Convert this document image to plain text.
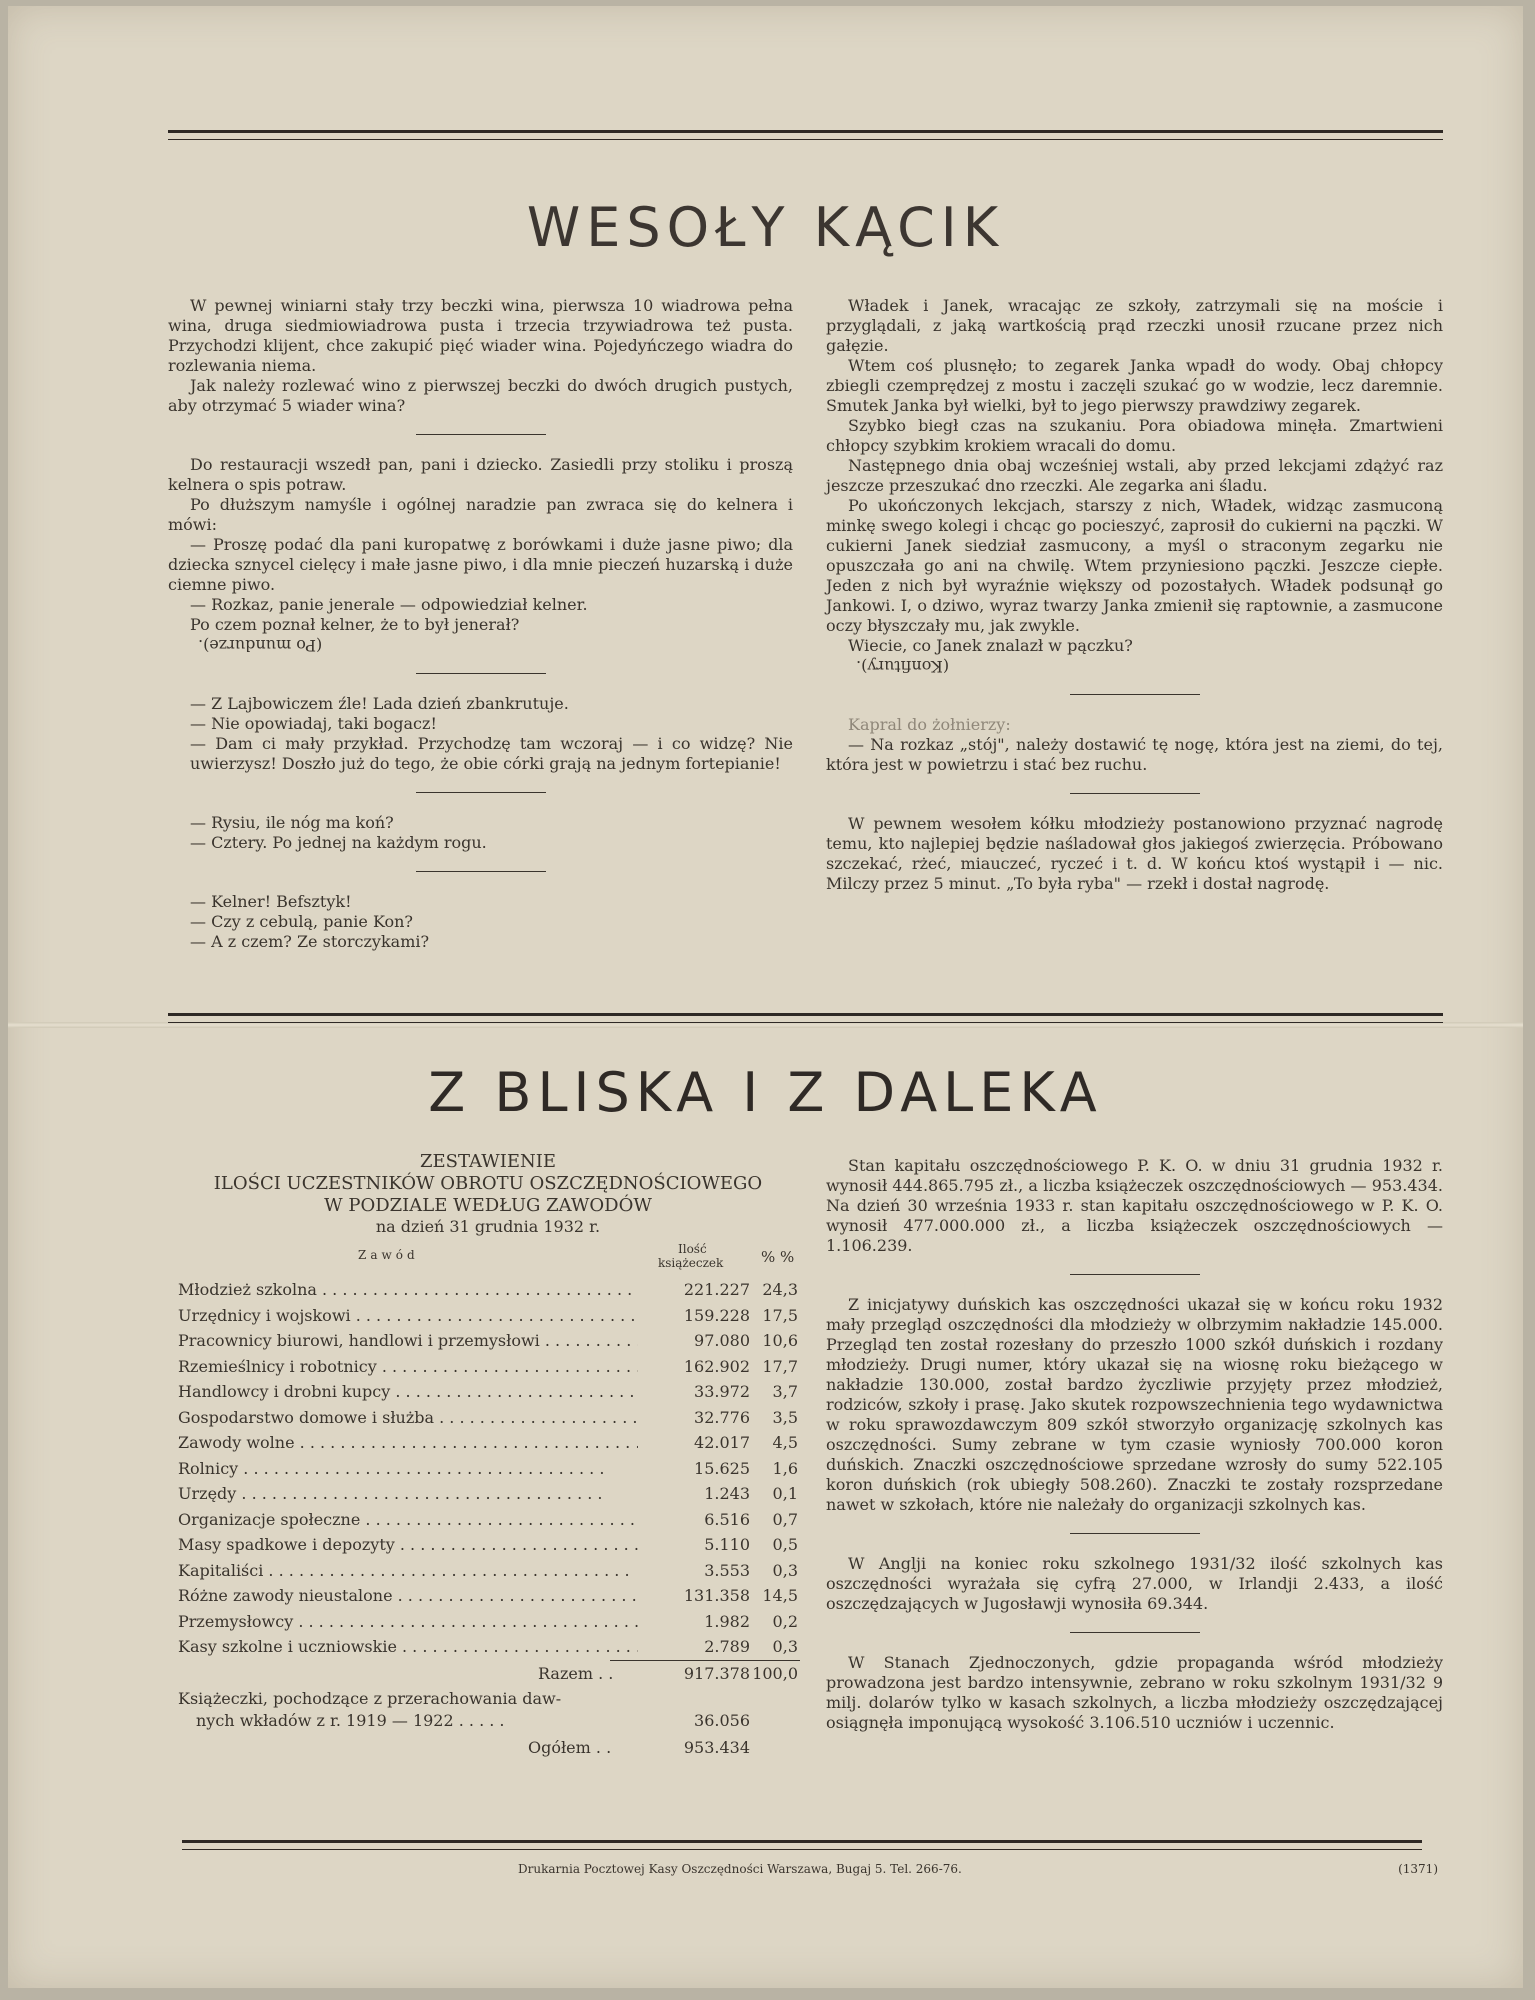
WESOŁY KĄCIK

W pewnej winiarni stały trzy beczki wina, pierwsza 10 wiadrowa pełna wina, druga siedmiowiadrowa pusta i trzecia trzywiadrowa też pusta. Przychodzi klijent, chce zakupić pięć wiader wina. Pojedyńczego wiadra do rozlewania niema.

Jak należy rozlewać wino z pierwszej beczki do dwóch drugich pustych, aby otrzymać 5 wiader wina?

Do restauracji wszedł pan, pani i dziecko. Zasiedli przy stoliku i proszą kelnera o spis potraw.

Po dłuższym namyśle i ogólnej naradzie pan zwraca się do kelnera i mówi:

— Proszę podać dla pani kuropatwę z borówkami i duże jasne piwo; dla dziecka sznycel cielęcy i małe jasne piwo, i dla mnie pieczeń huzarską i duże ciemne piwo.

— Rozkaz, panie jenerale — odpowiedział kelner.

Po czem poznał kelner, że to był jenerał?

(Po mundurze).

— Z Lajbowiczem źle! Lada dzień zbankrutuje.

— Nie opowiadaj, taki bogacz!

— Dam ci mały przykład. Przychodzę tam wczoraj — i co widzę? Nie uwierzysz! Doszło już do tego, że obie córki grają na jednym fortepianie!

— Rysiu, ile nóg ma koń?

— Cztery. Po jednej na każdym rogu.

— Kelner! Befsztyk!

— Czy z cebulą, panie Kon?

— A z czem? Ze storczykami?

Władek i Janek, wracając ze szkoły, zatrzymali się na moście i przyglądali, z jaką wartkością prąd rzeczki unosił rzucane przez nich gałęzie.

Wtem coś plusnęło; to zegarek Janka wpadł do wody. Obaj chłopcy zbiegli czemprędzej z mostu i zaczęli szukać go w wodzie, lecz daremnie. Smutek Janka był wielki, był to jego pierwszy prawdziwy zegarek.

Szybko biegł czas na szukaniu. Pora obiadowa minęła. Zmartwieni chłopcy szybkim krokiem wracali do domu.

Następnego dnia obaj wcześniej wstali, aby przed lekcjami zdążyć raz jeszcze przeszukać dno rzeczki. Ale zegarka ani śladu.

Po ukończonych lekcjach, starszy z nich, Władek, widząc zasmuconą minkę swego kolegi i chcąc go pocieszyć, zaprosił do cukierni na pączki. W cukierni Janek siedział zasmucony, a myśl o straconym zegarku nie opuszczała go ani na chwilę. Wtem przyniesiono pączki. Jeszcze ciepłe. Jeden z nich był wyraźnie większy od pozostałych. Władek podsunął go Jankowi. I, o dziwo, wyraz twarzy Janka zmienił się raptownie, a zasmucone oczy błyszczały mu, jak zwykle.

Wiecie, co Janek znalazł w pączku?

(Konfitury).

Kapral do żołnierzy:

— Na rozkaz „stój", należy dostawić tę nogę, która jest na ziemi, do tej, która jest w powietrzu i stać bez ruchu.

W pewnem wesołem kółku młodzieży postanowiono przyznać nagrodę temu, kto najlepiej będzie naśladował głos jakiegoś zwierzęcia. Próbowano szczekać, rżeć, miauczeć, ryczeć i t. d. W końcu ktoś wystąpił i — nic. Milczy przez 5 minut. „To była ryba" — rzekł i dostał nagrodę.

Z BLISKA I Z DALEKA
ZESTAWIENIE
ILOŚCI UCZESTNIKÓW OBROTU OSZCZĘDNOŚCIOWEGO
W PODZIALE WEDŁUG ZAWODÓW
na dzień 31 grudnia 1932 r.
Zawód	Ilość
książeczek	% %
Młodzież szkolna . . .	221.227 24,3
Urzędnicy i wojskowi . . .	159.228 17,5
Pracownicy biurowi, handlowi i przemysłowi . . .	97.080 10,6
Rzemieślnicy i robotnicy . . .	162.902 17,7
Handlowcy i drobni kupcy . . .	33.972	3,7
Gospodarstwo domowe i służba . . .	32.776	3,5
Zawody wolne . . .	42.017	4,5
Rolnicy . . .	15.625	1,6
Urzędy . . .	1.243	0,1
Organizacje społeczne . . .	6.516	0,7
Masy spadkowe i depozyty . . .	5.110	0,5
Kapitaliści . . .	3.553	0,3
Różne zawody nieustalone . . .	131.358 14,5
Przemysłowcy . . .	1.982	0,2
Kasy szkolne i uczniowskie . . .	2.789	0,3
Razem . .	917.378 100,0
Książeczki, pochodzące z przerachowania daw-
nych wkładów z r. 1919 — 1922 . . . . .	36.056
Ogółem . .	953.434

Stan kapitału oszczędnościowego P. K. O. w dniu 31 grudnia 1932 r. wynosił 444.865.795 zł., a liczba książeczek oszczędnościowych — 953.434. Na dzień 30 września 1933 r. stan kapitału oszczędnościowego w P. K. O. wynosił 477.000.000 zł., a liczba książeczek oszczędnościowych — 1.106.239.

Z inicjatywy duńskich kas oszczędności ukazał się w końcu roku 1932 mały przegląd oszczędności dla młodzieży w olbrzymim nakładzie 145.000. Przegląd ten został rozesłany do przeszło 1000 szkół duńskich i rozdany młodzieży. Drugi numer, który ukazał się na wiosnę roku bieżącego w nakładzie 130.000, został bardzo życzliwie przyjęty przez młodzież, rodziców, szkoły i prasę. Jako skutek rozpowszechnienia tego wydawnictwa w roku sprawozdawczym 809 szkół stworzyło organizację szkolnych kas oszczędności. Sumy zebrane w tym czasie wyniosły 700.000 koron duńskich. Znaczki oszczędnościowe sprzedane wzrosły do sumy 522.105 koron duńskich (rok ubiegły 508.260). Znaczki te zostały rozsprzedane nawet w szkołach, które nie należały do organizacji szkolnych kas.

W Anglji na koniec roku szkolnego 1931/32 ilość szkolnych kas oszczędności wyrażała się cyfrą 27.000, w Irlandji 2.433, a ilość oszczędzających w Jugosławji wynosiła 69.344.

W Stanach Zjednoczonych, gdzie propaganda wśród młodzieży prowadzona jest bardzo intensywnie, zebrano w roku szkolnym 1931/32 9 milj. dolarów tylko w kasach szkolnych, a liczba młodzieży oszczędzającej osiągnęła imponującą wysokość 3.106.510 uczniów i uczennic.

Drukarnia Pocztowej Kasy Oszczędności Warszawa, Bugaj 5. Tel. 266-76.	(1371)
